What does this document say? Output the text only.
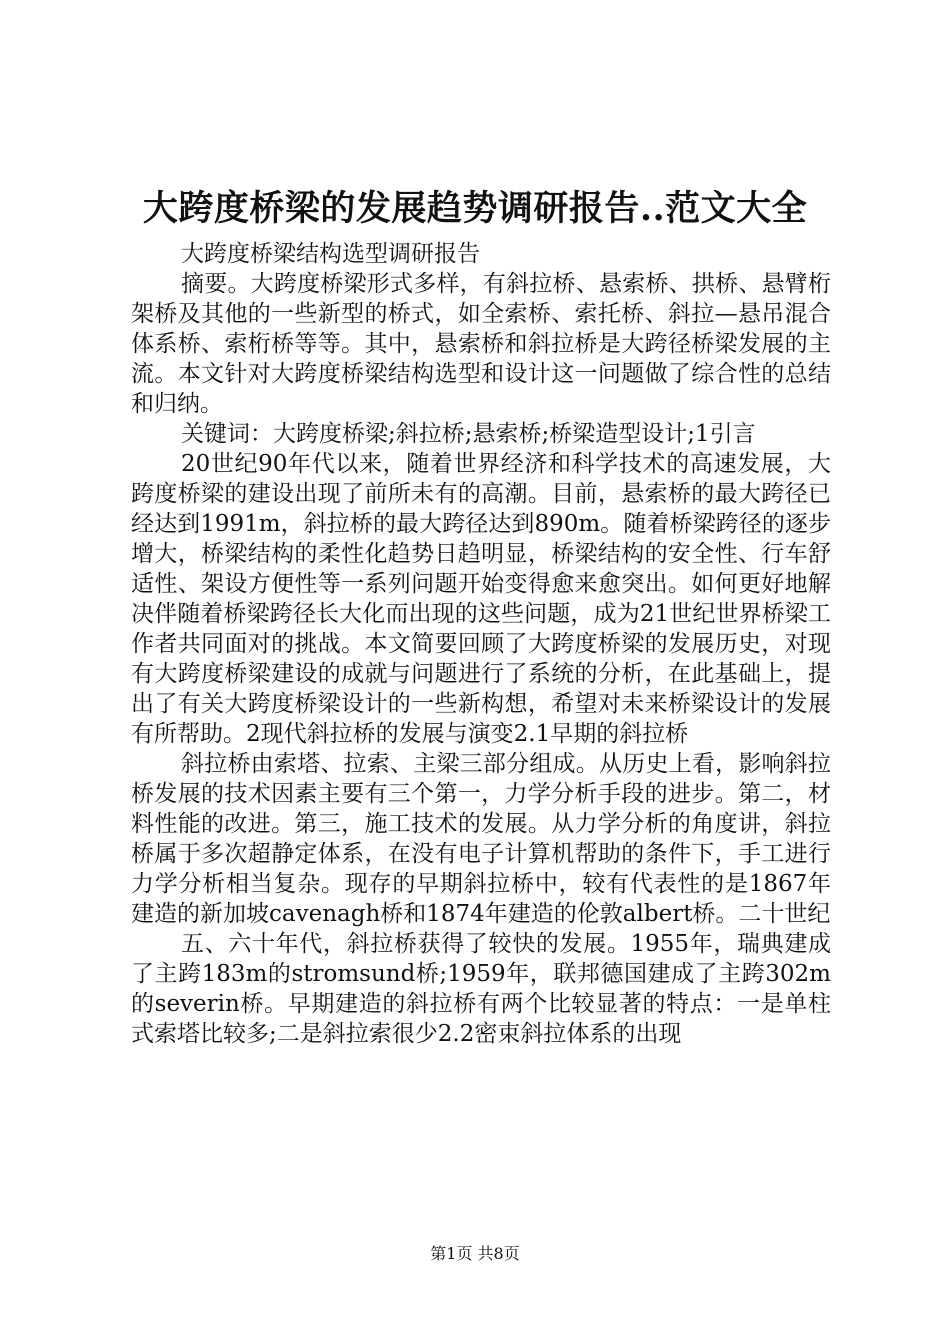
大跨度桥梁的发展趋势调研报告..范文大全

大跨度桥梁结构选型调研报告

摘要。大跨度桥梁形式多样，有斜拉桥、悬索桥、拱桥、悬臂桁架桥及其他的一些新型的桥式，如全索桥、索托桥、斜拉—悬吊混合体系桥、索桁桥等等。其中，悬索桥和斜拉桥是大跨径桥梁发展的主流。本文针对大跨度桥梁结构选型和设计这一问题做了综合性的总结和归纳。

关键词：大跨度桥梁;斜拉桥;悬索桥;桥梁造型设计;1引言

20世纪90年代以来，随着世界经济和科学技术的高速发展，大跨度桥梁的建设出现了前所未有的高潮。目前，悬索桥的最大跨径已经达到1991m，斜拉桥的最大跨径达到890m。随着桥梁跨径的逐步增大，桥梁结构的柔性化趋势日趋明显，桥梁结构的安全性、行车舒适性、架设方便性等一系列问题开始变得愈来愈突出。如何更好地解决伴随着桥梁跨径长大化而出现的这些问题，成为21世纪世界桥梁工作者共同面对的挑战。本文简要回顾了大跨度桥梁的发展历史，对现有大跨度桥梁建设的成就与问题进行了系统的分析，在此基础上，提出了有关大跨度桥梁设计的一些新构想，希望对未来桥梁设计的发展有所帮助。2现代斜拉桥的发展与演变2.1早期的斜拉桥

斜拉桥由索塔、拉索、主梁三部分组成。从历史上看，影响斜拉桥发展的技术因素主要有三个第一，力学分析手段的进步。第二，材料性能的改进。第三，施工技术的发展。从力学分析的角度讲，斜拉桥属于多次超静定体系，在没有电子计算机帮助的条件下，手工进行力学分析相当复杂。现存的早期斜拉桥中，较有代表性的是1867年建造的新加坡cavenagh桥和1874年建造的伦敦albert桥。二十世纪

五、六十年代，斜拉桥获得了较快的发展。1955年，瑞典建成了主跨183m的stromsund桥;1959年，联邦德国建成了主跨302m的severin桥。早期建造的斜拉桥有两个比较显著的特点：一是单柱式索塔比较多;二是斜拉索很少2.2密束斜拉体系的出现

第1页 共8页
